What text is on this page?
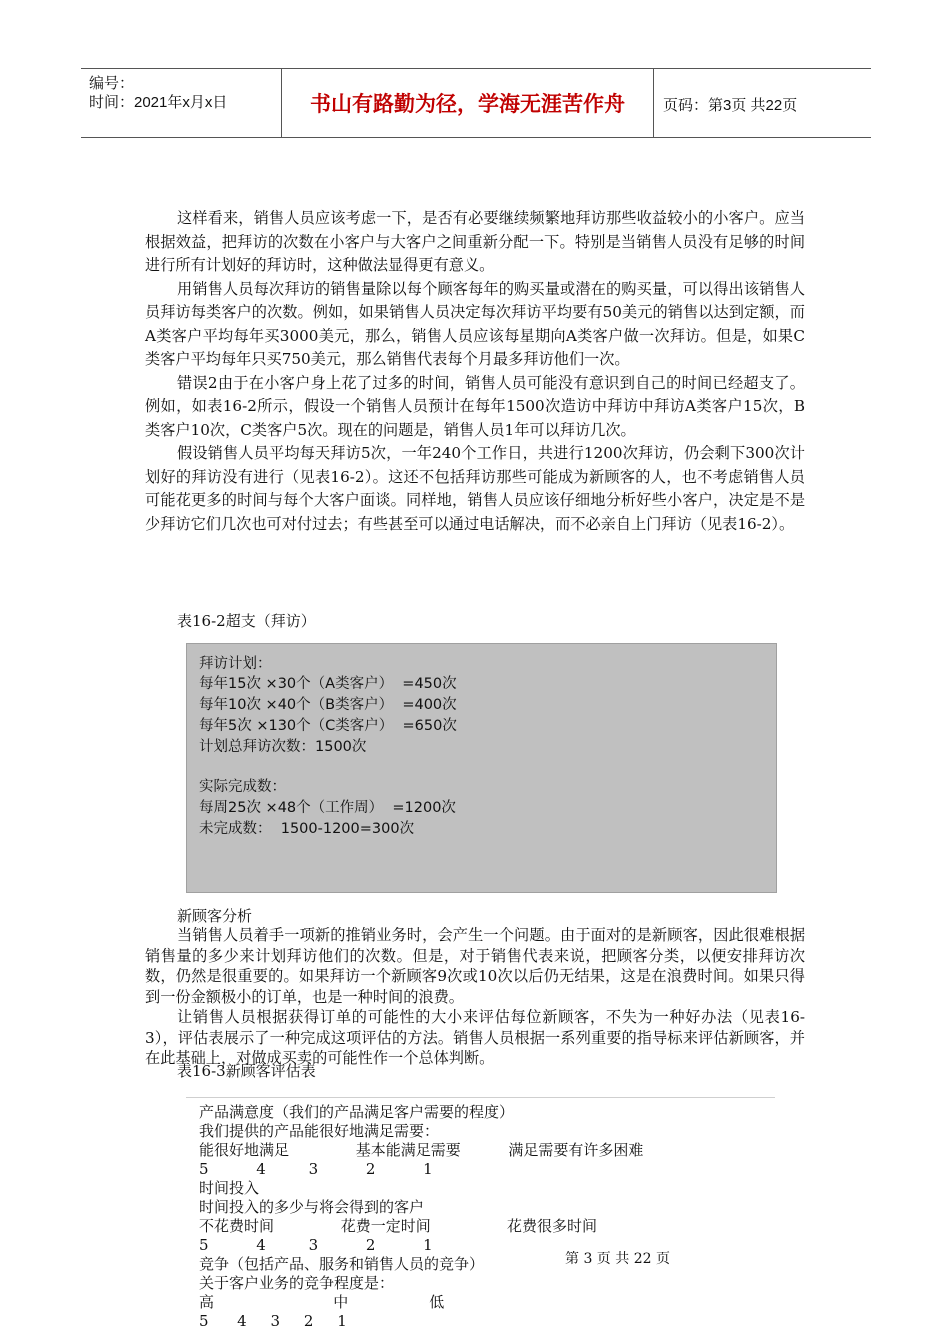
编号：
时间：2021年x月x日	书山有路勤为径，学海无涯苦作舟	页码：第3页 共22页

这样看来，销售人员应该考虑一下，是否有必要继续频繁地拜访那些收益较小的小客户。应当根据效益，把拜访的次数在小客户与大客户之间重新分配一下。特别是当销售人员没有足够的时间进行所有计划好的拜访时，这种做法显得更有意义。

用销售人员每次拜访的销售量除以每个顾客每年的购买量或潜在的购买量，可以得出该销售人员拜访每类客户的次数。例如，如果销售人员决定每次拜访平均要有50美元的销售以达到定额，而A类客户平均每年买3000美元，那么，销售人员应该每星期向A类客户做一次拜访。但是，如果C类客户平均每年只买750美元，那么销售代表每个月最多拜访他们一次。

错误2由于在小客户身上花了过多的时间，销售人员可能没有意识到自己的时间已经超支了。例如，如表16-2所示，假设一个销售人员预计在每年1500次造访中拜访中拜访A类客户15次，B类客户10次，C类客户5次。现在的问题是，销售人员1年可以拜访几次。

假设销售人员平均每天拜访5次，一年240个工作日，共进行1200次拜访，仍会剩下300次计划好的拜访没有进行（见表16-2）。这还不包括拜访那些可能成为新顾客的人，也不考虑销售人员可能花更多的时间与每个大客户面谈。同样地，销售人员应该仔细地分析好些小客户，决定是不是少拜访它们几次也可对付过去；有些甚至可以通过电话解决，而不必亲自上门拜访（见表16-2）。

表16-2超支（拜访）
拜访计划：
每年15次 ×30个（A类客户）  =450次
每年10次 ×40个（B类客户）  =400次
每年5次 ×130个（C类客户）  =650次
计划总拜访次数：1500次
实际完成数：
每周25次 ×48个（工作周）  =1200次
未完成数：  1500-1200=300次
新顾客分析

当销售人员着手一项新的推销业务时，会产生一个问题。由于面对的是新顾客，因此很难根据销售量的多少来计划拜访他们的次数。但是，对于销售代表来说，把顾客分类，以便安排拜访次数，仍然是很重要的。如果拜访一个新顾客9次或10次以后仍无结果，这是在浪费时间。如果只得到一份金额极小的订单，也是一种时间的浪费。

让销售人员根据获得订单的可能性的大小来评估每位新顾客，不失为一种好办法（见表16-3），评估表展示了一种完成这项评估的方法。销售人员根据一系列重要的指导标来评估新顾客，并在此基础上，对做成买卖的可能性作一个总体判断。

表16-3新顾客评估表
产品满意度（我们的产品满足客户需要的程度）
我们提供的产品能很好地满足需要：
能很好地满足              基本能满足需要          满足需要有许多困难
5          4         3          2          1
时间投入
时间投入的多少与将会得到的客户
不花费时间              花费一定时间                花费很多时间
5          4         3          2          1
竞争（包括产品、服务和销售人员的竞争）
关于客户业务的竞争程度是：
高                         中                 低
5      4     3     2     1
第 3 页 共 22 页
